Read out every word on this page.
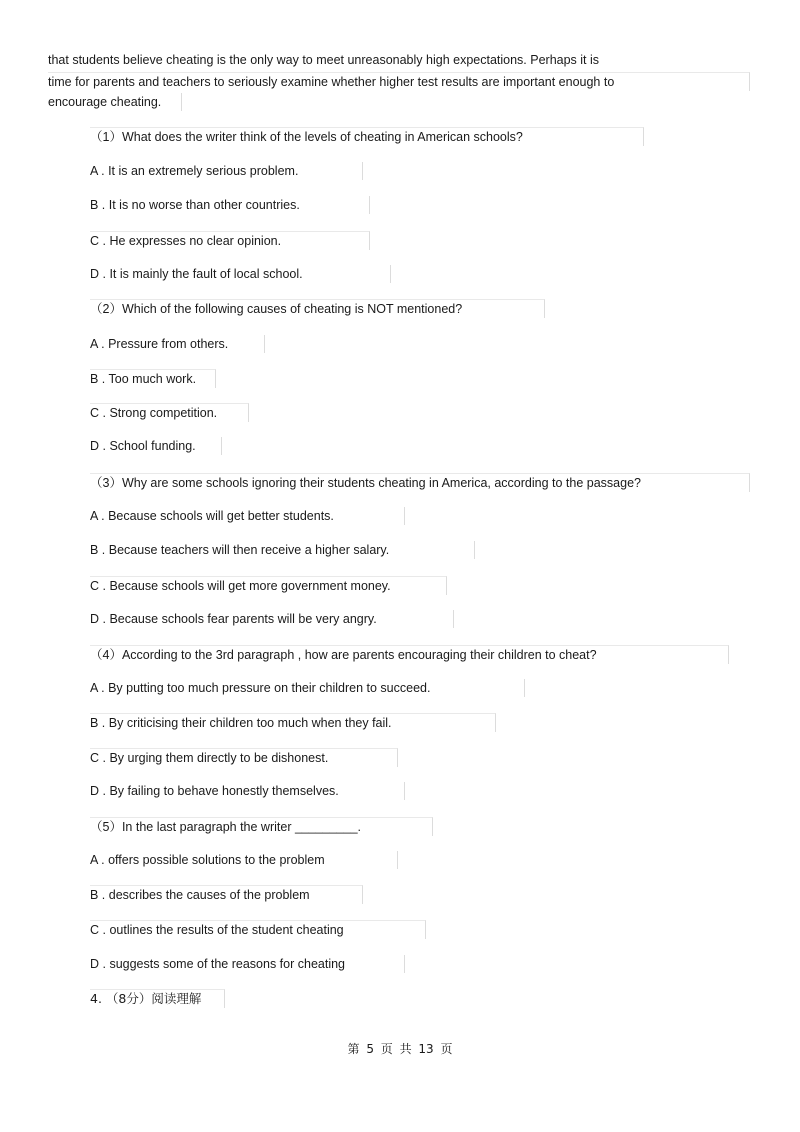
that students believe cheating is the only way to meet unreasonably high expectations. Perhaps it is
time for parents and teachers to seriously examine whether higher test results are important enough to
encourage cheating.
（1）What does the writer think of the levels of cheating in American schools?
A . It is an extremely serious problem.
B . It is no worse than other countries.
C . He expresses no clear opinion.
D . It is mainly the fault of local school.
（2）Which of the following causes of cheating is NOT mentioned?
A . Pressure from others.
B . Too much work.
C . Strong competition.
D . School funding.
（3）Why are some schools ignoring their students cheating in America, according to the passage?
A . Because schools will get better students.
B . Because teachers will then receive a higher salary.
C . Because schools will get more government money.
D . Because schools fear parents will be very angry.
（4）According to the 3rd paragraph , how are parents encouraging their children to cheat?
A . By putting too much pressure on their children to succeed.
B . By criticising their children too much when they fail.
C . By urging them directly to be dishonest.
D . By failing to behave honestly themselves.
（5）In the last paragraph the writer _________.
A . offers possible solutions to the problem
B . describes the causes of the problem
C . outlines the results of the student cheating
D . suggests some of the reasons for cheating
4. （8分）阅读理解
第 5 页 共 13 页
